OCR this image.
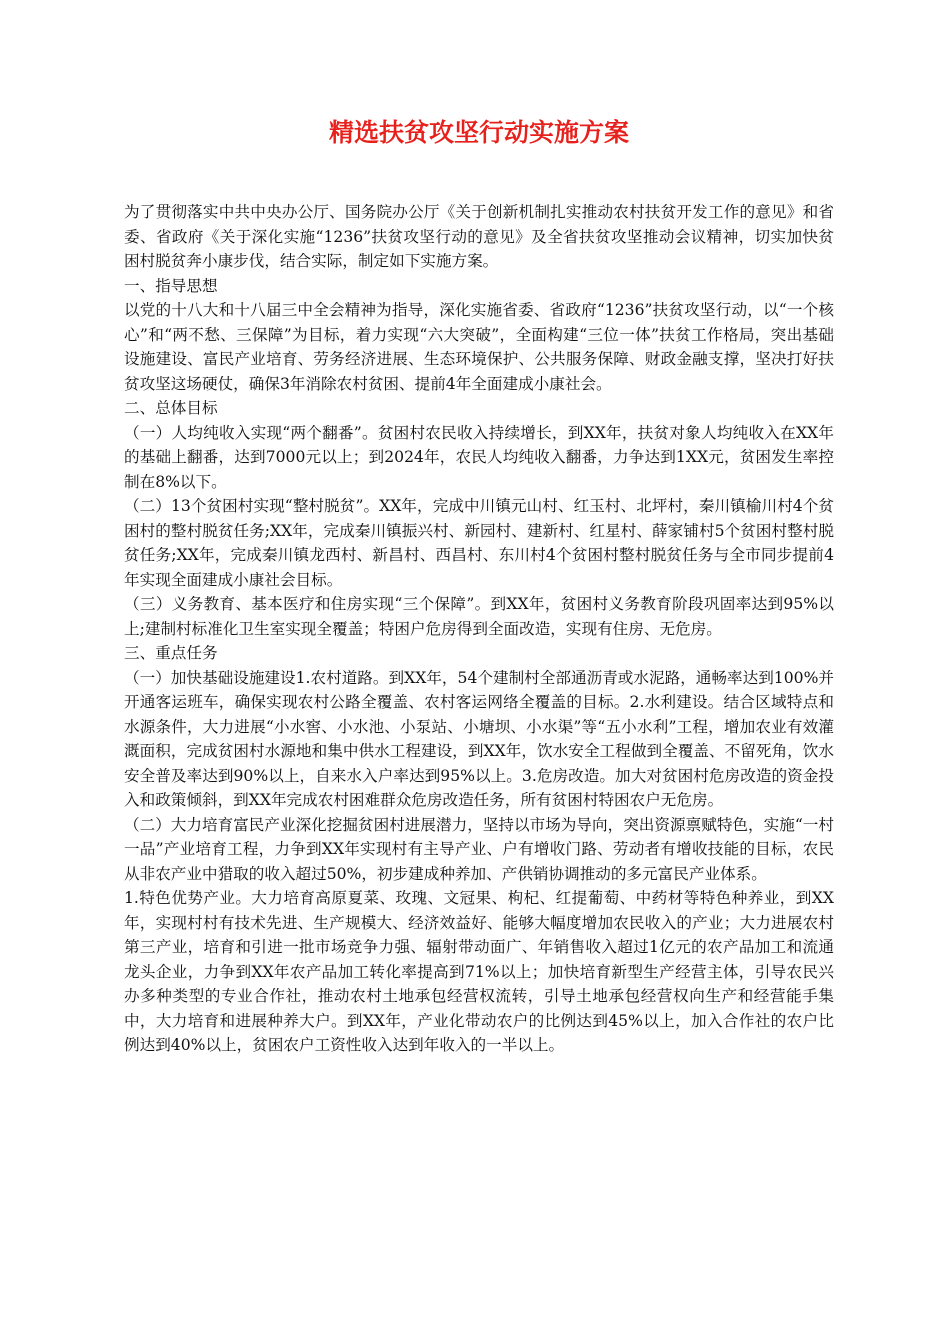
精选扶贫攻坚行动实施方案

为了贯彻落实中共中央办公厅、国务院办公厅《关于创新机制扎实推动农村扶贫开发工作的意见》和省委、省政府《关于深化实施“1236”扶贫攻坚行动的意见》及全省扶贫攻坚推动会议精神，切实加快贫困村脱贫奔小康步伐，结合实际，制定如下实施方案。

一、指导思想

以党的十八大和十八届三中全会精神为指导，深化实施省委、省政府“1236”扶贫攻坚行动，以“一个核心”和“两不愁、三保障”为目标，着力实现“六大突破”，全面构建“三位一体”扶贫工作格局，突出基础设施建设、富民产业培育、劳务经济进展、生态环境保护、公共服务保障、财政金融支撑，坚决打好扶贫攻坚这场硬仗，确保3年消除农村贫困、提前4年全面建成小康社会。

二、总体目标

（一）人均纯收入实现“两个翻番”。贫困村农民收入持续增长，到XX年，扶贫对象人均纯收入在XX年的基础上翻番，达到7000元以上；到2024年，农民人均纯收入翻番，力争达到1XX元，贫困发生率控制在8%以下。

（二）13个贫困村实现“整村脱贫”。XX年，完成中川镇元山村、红玉村、北坪村，秦川镇榆川村4个贫困村的整村脱贫任务;XX年，完成秦川镇振兴村、新园村、建新村、红星村、薛家铺村5个贫困村整村脱贫任务;XX年，完成秦川镇龙西村、新昌村、西昌村、东川村4个贫困村整村脱贫任务与全市同步提前4年实现全面建成小康社会目标。

（三）义务教育、基本医疗和住房实现“三个保障”。到XX年，贫困村义务教育阶段巩固率达到95%以上;建制村标准化卫生室实现全覆盖；特困户危房得到全面改造，实现有住房、无危房。

三、重点任务

（一）加快基础设施建设1.农村道路。到XX年，54个建制村全部通沥青或水泥路，通畅率达到100%并开通客运班车，确保实现农村公路全覆盖、农村客运网络全覆盖的目标。2.水利建设。结合区域特点和水源条件，大力进展“小水窖、小水池、小泵站、小塘坝、小水渠”等“五小水利”工程，增加农业有效灌溉面积，完成贫困村水源地和集中供水工程建设，到XX年，饮水安全工程做到全覆盖、不留死角，饮水安全普及率达到90%以上，自来水入户率达到95%以上。3.危房改造。加大对贫困村危房改造的资金投入和政策倾斜，到XX年完成农村困难群众危房改造任务，所有贫困村特困农户无危房。

（二）大力培育富民产业深化挖掘贫困村进展潜力，坚持以市场为导向，突出资源禀赋特色，实施“一村一品”产业培育工程，力争到XX年实现村有主导产业、户有增收门路、劳动者有增收技能的目标，农民从非农产业中猎取的收入超过50%，初步建成种养加、产供销协调推动的多元富民产业体系。

1.特色优势产业。大力培育高原夏菜、玫瑰、文冠果、枸杞、红提葡萄、中药材等特色种养业，到XX年，实现村村有技术先进、生产规模大、经济效益好、能够大幅度增加农民收入的产业；大力进展农村第三产业，培育和引进一批市场竞争力强、辐射带动面广、年销售收入超过1亿元的农产品加工和流通龙头企业，力争到XX年农产品加工转化率提高到71%以上；加快培育新型生产经营主体，引导农民兴办多种类型的专业合作社，推动农村土地承包经营权流转，引导土地承包经营权向生产和经营能手集中，大力培育和进展种养大户。到XX年，产业化带动农户的比例达到45%以上，加入合作社的农户比例达到40%以上，贫困农户工资性收入达到年收入的一半以上。
